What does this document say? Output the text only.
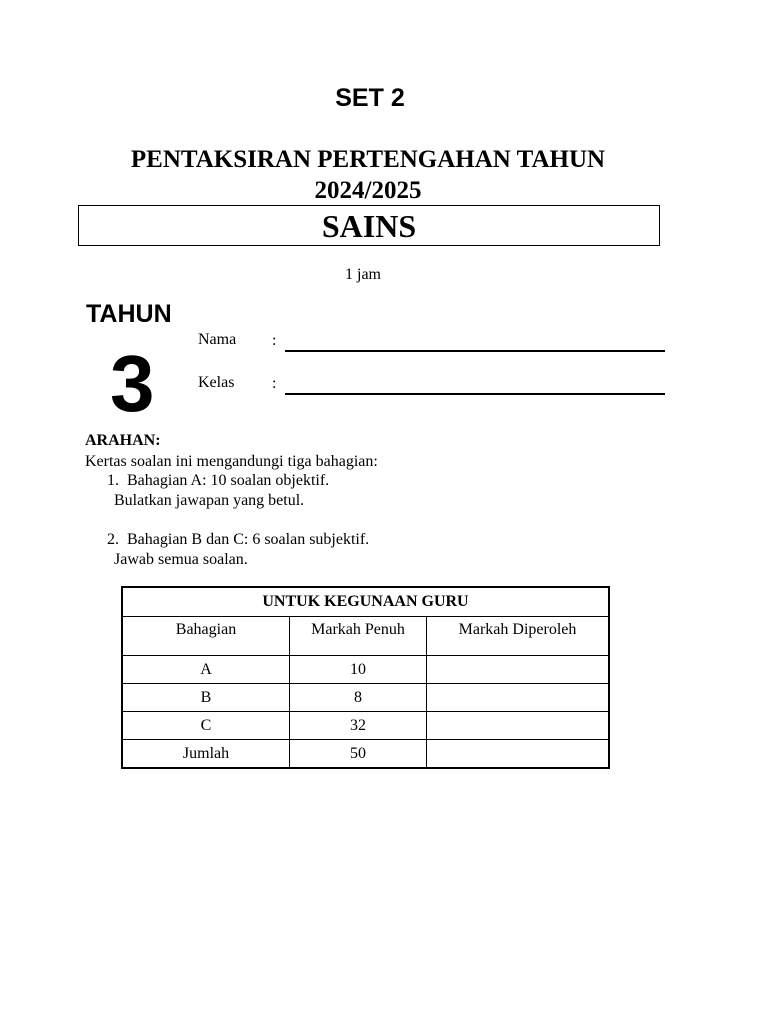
SET 2
PENTAKSIRAN PERTENGAHAN TAHUN
2024/2025
SAINS
1 jam
TAHUN
3	Nama :
Kelas :
ARAHAN:
Kertas soalan ini mengandungi tiga bahagian:
1. Bahagian A: 10 soalan objektif.
Bulatkan jawapan yang betul.
2. Bahagian B dan C: 6 soalan subjektif.
Jawab semua soalan.
UNTUK KEGUNAAN GURU		
Bahagian	Markah Penuh	Markah Diperoleh
A	10	
B	8	
C	32	
Jumlah	50	
